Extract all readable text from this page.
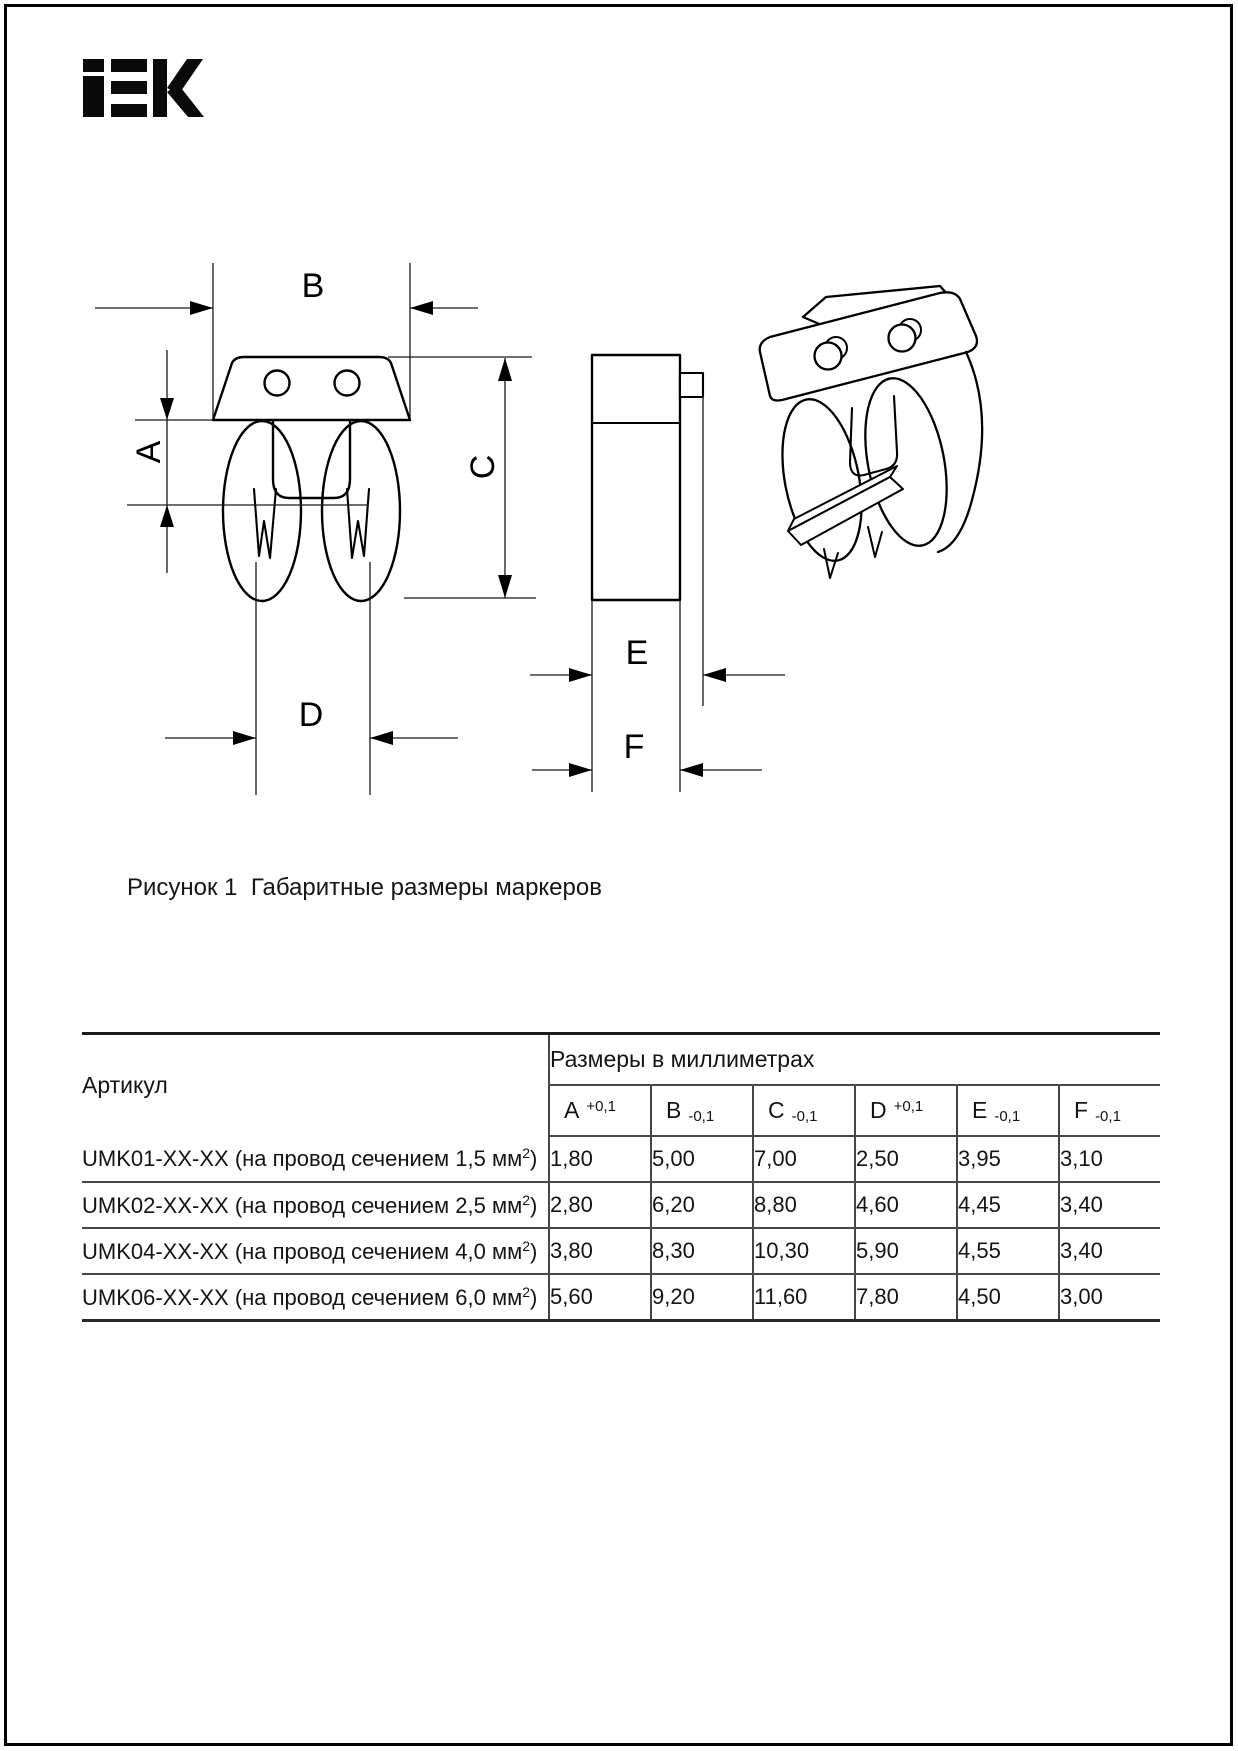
B
A
C
D
E
F
Рисунок 1  Габаритные размеры маркеров
Артикул	Размеры в миллиметрах					
	A $^{+0,1}$	B -0,1	C -0,1	D $^{+0,1}$	E -0,1	F -0,1
UMK01-XX-XX (на провод сечением 1,5 $мм^2$)	1,80	5,00	7,00	2,50	3,95	3,10
UMK02-XX-XX (на провод сечением 2,5 $мм^2$)	2,80	6,20	8,80	4,60	4,45	3,40
UMK04-XX-XX (на провод сечением 4,0 $мм^2$)	3,80	8,30	10,30	5,90	4,55	3,40
UMK06-XX-XX (на провод сечением 6,0 $мм^2$)	5,60	9,20	11,60	7,80	4,50	3,00
